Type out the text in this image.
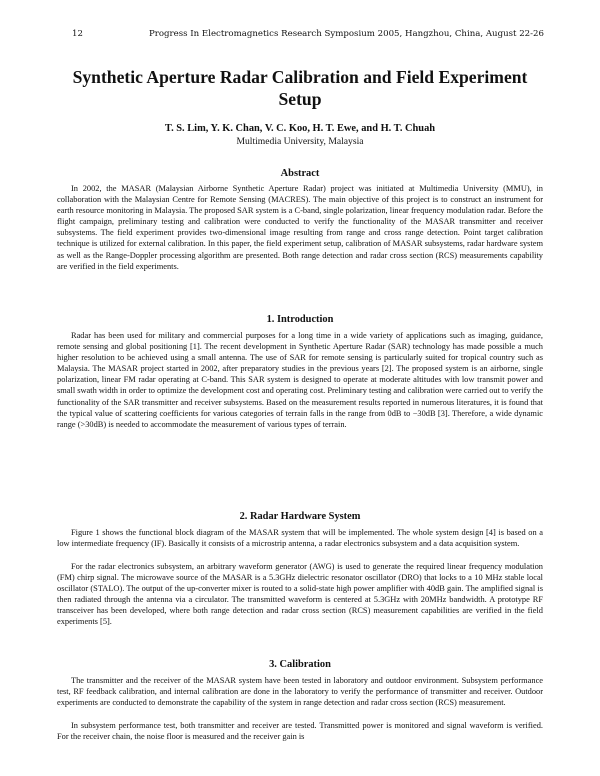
12	Progress In Electromagnetics Research Symposium 2005, Hangzhou, China, August 22-26
Synthetic Aperture Radar Calibration and Field Experiment Setup
T. S. Lim, Y. K. Chan, V. C. Koo, H. T. Ewe, and H. T. Chuah
Multimedia University, Malaysia
Abstract

In 2002, the MASAR (Malaysian Airborne Synthetic Aperture Radar) project was initiated at Multimedia University (MMU), in collaboration with the Malaysian Centre for Remote Sensing (MACRES). The main objective of this project is to construct an instrument for earth resource monitoring in Malaysia. The proposed SAR system is a C-band, single polarization, linear frequency modulation radar. Before the flight campaign, preliminary testing and calibration were conducted to verify the functionality of the MASAR transmitter and receiver subsystems. The field experiment provides two-dimensional image resulting from range and cross range detection. Point target calibration technique is utilized for external calibration. In this paper, the field experiment setup, calibration of MASAR subsystems, radar hardware system as well as the Range-Doppler processing algorithm are presented. Both range detection and radar cross section (RCS) measurements capability are verified in the field experiments.

1. Introduction

Radar has been used for military and commercial purposes for a long time in a wide variety of applications such as imaging, guidance, remote sensing and global positioning [1]. The recent development in Synthetic Aperture Radar (SAR) technology has made possible a much higher resolution to be achieved using a small antenna. The use of SAR for remote sensing is particularly suited for tropical country such as Malaysia. The MASAR project started in 2002, after preparatory studies in the previous years [2]. The proposed system is an airborne, single polarization, linear FM radar operating at C-band. This SAR system is designed to operate at moderate altitudes with low transmit power and small swath width in order to optimize the development cost and operating cost. Preliminary testing and calibration were carried out to verify the functionality of the SAR transmitter and receiver subsystems. Based on the measurement results reported in numerous literatures, it is found that the typical value of scattering coefficients for various categories of terrain falls in the range from 0dB to −30dB [3]. Therefore, a wide dynamic range (>30dB) is needed to accommodate the measurement of various types of terrain.

2. Radar Hardware System

Figure 1 shows the functional block diagram of the MASAR system that will be implemented. The whole system design [4] is based on a low intermediate frequency (IF). Basically it consists of a microstrip antenna, a radar electronics subsystem and a data acquisition system.

For the radar electronics subsystem, an arbitrary waveform generator (AWG) is used to generate the required linear frequency modulation (FM) chirp signal. The microwave source of the MASAR is a 5.3GHz dielectric resonator oscillator (DRO) that locks to a 10 MHz stable local oscillator (STALO). The output of the up-converter mixer is routed to a solid-state high power amplifier with 40dB gain. The amplified signal is then radiated through the antenna via a circulator. The transmitted waveform is centered at 5.3GHz with 20MHz bandwidth. A prototype RF transceiver has been developed, where both range detection and radar cross section (RCS) measurement capabilities are verified in the field experiments [5].

3. Calibration

The transmitter and the receiver of the MASAR system have been tested in laboratory and outdoor environment. Subsystem performance test, RF feedback calibration, and internal calibration are done in the laboratory to verify the performance of transmitter and receiver. Outdoor experiments are conducted to demonstrate the capability of the system in range detection and radar cross section (RCS) measurement.

In subsystem performance test, both transmitter and receiver are tested. Transmitted power is monitored and signal waveform is verified. For the receiver chain, the noise floor is measured and the receiver gain is
